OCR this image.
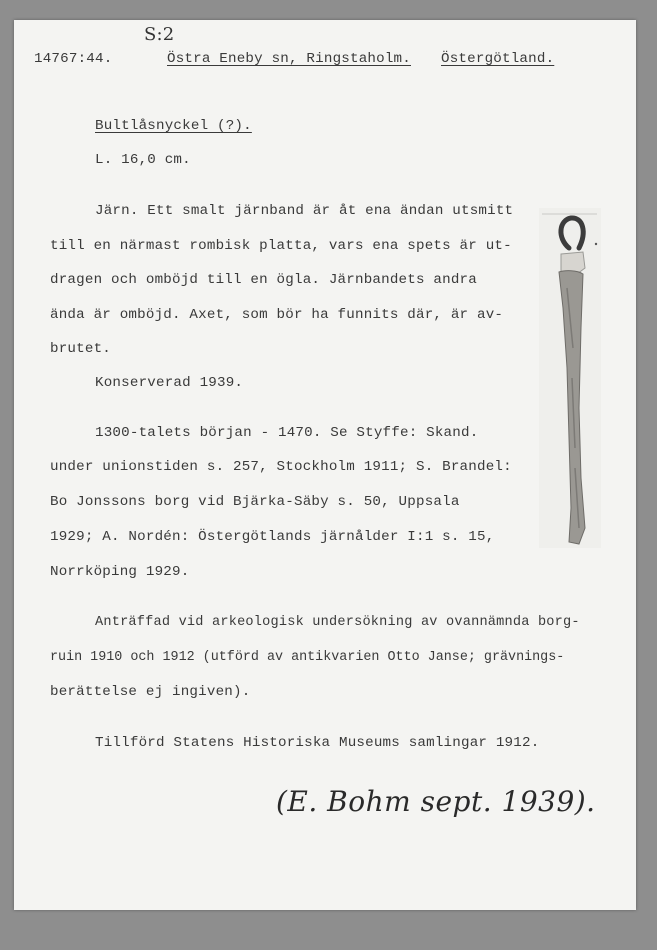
S:2
14767:44.	Östra Eneby sn, Ringstaholm. Östergötland.
Bultlåsnyckel (?).
L. 16,0 cm.
Järn. Ett smalt järnband är åt ena ändan utsmitt
till en närmast rombisk platta, vars ena spets är ut-
dragen och omböjd till en ögla. Järnbandets andra
ända är omböjd. Axet, som bör ha funnits där, är av-
brutet.
Konserverad 1939.
1300-talets början - 1470. Se Styffe: Skand.
under unionstiden s. 257, Stockholm 1911; S. Brandel:
Bo Jonssons borg vid Bjärka-Säby s. 50, Uppsala
1929; A. Nordén: Östergötlands järnålder I:1 s. 15,
Norrköping 1929.
Anträffad vid arkeologisk undersökning av ovannämnda borg-
ruin 1910 och 1912 (utförd av antikvarien Otto Janse; grävnings-
berättelse ej ingiven).
Tillförd Statens Historiska Museums samlingar 1912.
(E. Bohm sept. 1939).
